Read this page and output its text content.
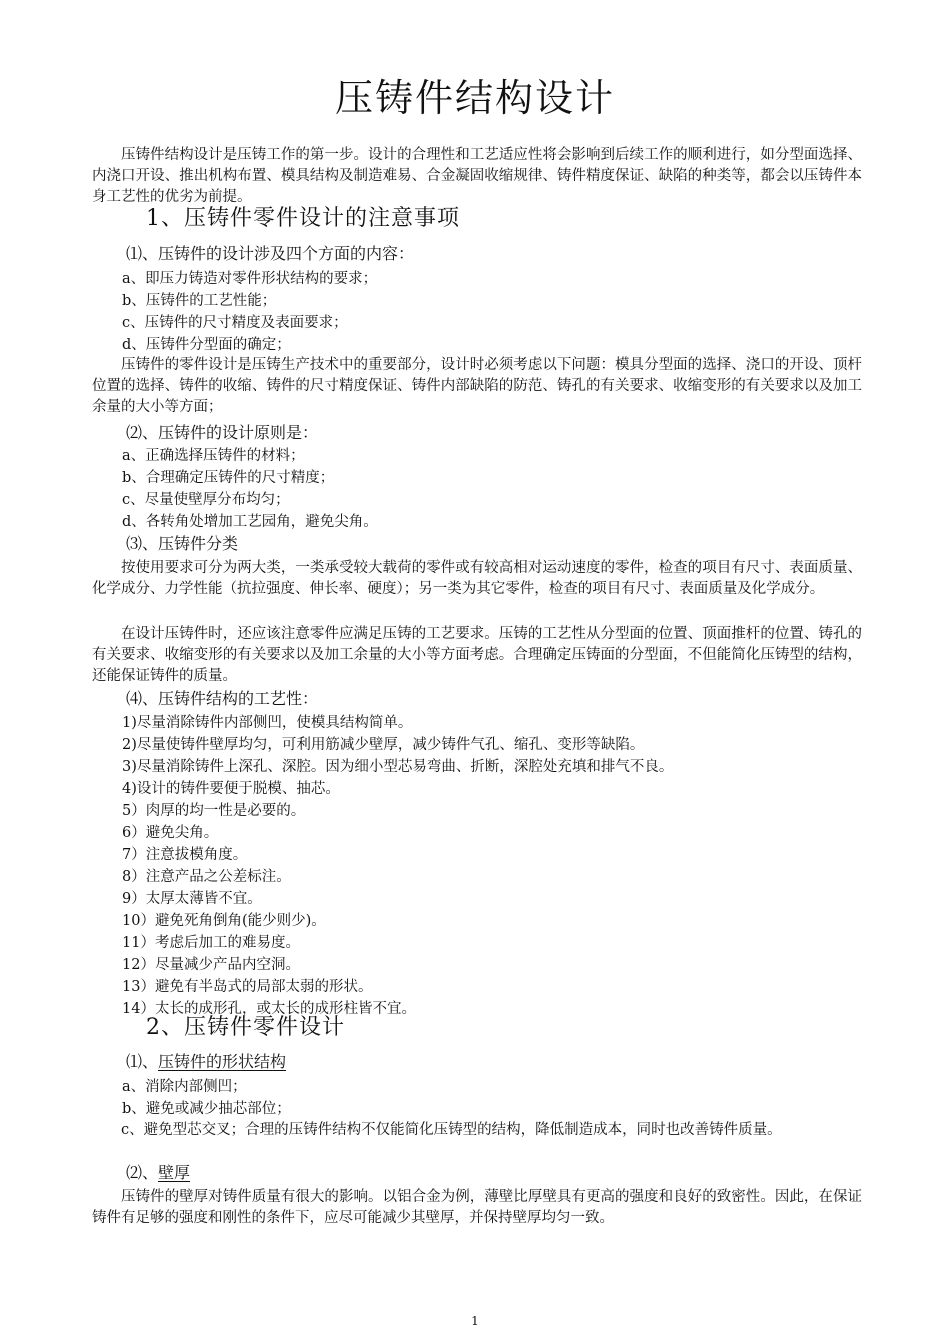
压铸件结构设计

压铸件结构设计是压铸工作的第一步。设计的合理性和工艺适应性将会影响到后续工作的顺利进行，如分型面选择、内浇口开设、推出机构布置、模具结构及制造难易、合金凝固收缩规律、铸件精度保证、缺陷的种类等，都会以压铸件本身工艺性的优劣为前提。

1、压铸件零件设计的注意事项
⑴、压铸件的设计涉及四个方面的内容：
a、即压力铸造对零件形状结构的要求；
b、压铸件的工艺性能；
c、压铸件的尺寸精度及表面要求；
d、压铸件分型面的确定；

压铸件的零件设计是压铸生产技术中的重要部分，设计时必须考虑以下问题：模具分型面的选择、浇口的开设、顶杆位置的选择、铸件的收缩、铸件的尺寸精度保证、铸件内部缺陷的防范、铸孔的有关要求、收缩变形的有关要求以及加工余量的大小等方面；

⑵、压铸件的设计原则是：
a、正确选择压铸件的材料；
b、合理确定压铸件的尺寸精度；
c、尽量使壁厚分布均匀；
d、各转角处增加工艺园角，避免尖角。
⑶、压铸件分类

按使用要求可分为两大类，一类承受较大载荷的零件或有较高相对运动速度的零件，检查的项目有尺寸、表面质量、化学成分、力学性能（抗拉强度、伸长率、硬度）；另一类为其它零件，检查的项目有尺寸、表面质量及化学成分。

在设计压铸件时，还应该注意零件应满足压铸的工艺要求。压铸的工艺性从分型面的位置、顶面推杆的位置、铸孔的有关要求、收缩变形的有关要求以及加工余量的大小等方面考虑。合理确定压铸面的分型面，不但能简化压铸型的结构，还能保证铸件的质量。

⑷、压铸件结构的工艺性：
1)尽量消除铸件内部侧凹，使模具结构简单。
2)尽量使铸件壁厚均匀，可利用筋减少壁厚，减少铸件气孔、缩孔、变形等缺陷。
3)尽量消除铸件上深孔、深腔。因为细小型芯易弯曲、折断，深腔处充填和排气不良。
4)设计的铸件要便于脱模、抽芯。
5）肉厚的均一性是必要的。
6）避免尖角。
7）注意拔模角度。
8）注意产品之公差标注。
9）太厚太薄皆不宜。
10）避免死角倒角(能少则少)。
11）考虑后加工的难易度。
12）尽量减少产品内空洞。
13）避免有半岛式的局部太弱的形状。
14）太长的成形孔，或太长的成形柱皆不宜。
2、压铸件零件设计
⑴、压铸件的形状结构
a、消除内部侧凹；
b、避免或减少抽芯部位；

c、避免型芯交叉；合理的压铸件结构不仅能简化压铸型的结构，降低制造成本，同时也改善铸件质量。

⑵、壁厚

压铸件的壁厚对铸件质量有很大的影响。以铝合金为例，薄壁比厚壁具有更高的强度和良好的致密性。因此，在保证铸件有足够的强度和刚性的条件下，应尽可能减少其壁厚，并保持壁厚均匀一致。

1
